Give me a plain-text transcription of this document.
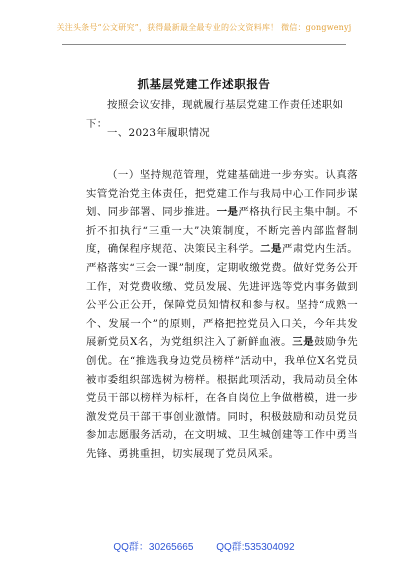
关注头条号“公文研究”，获得最新最全最专业的公文资料库！ 微信：gongwenyj
抓基层党建工作述职报告

按照会议安排，现就履行基层党建工作责任述职如下：

一、2023年履职情况

（一）坚持规范管理，党建基础进一步夯实。认真落实管党治党主体责任，把党建工作与我局中心工作同步谋划、同步部署、同步推进。一是严格执行民主集中制。不折不扣执行“三重一大”决策制度，不断完善内部监督制度，确保程序规范、决策民主科学。二是严肃党内生活。严格落实“三会一课”制度，定期收缴党费。做好党务公开工作，对党费收缴、党员发展、先进评选等党内事务做到公平公正公开，保障党员知情权和参与权。坚持“成熟一个、发展一个”的原则，严格把控党员入口关，今年共发展新党员X名，为党组织注入了新鲜血液。三是鼓励争先创优。在“推选我身边党员榜样”活动中，我单位X名党员被市委组织部选树为榜样。根据此项活动，我局动员全体党员干部以榜样为标杆，在各自岗位上争做楷模，进一步激发党员干部干事创业激情。同时，积极鼓励和动员党员参加志愿服务活动，在文明城、卫生城创建等工作中勇当先锋、勇挑重担，切实展现了党员风采。

QQ群：30265665 QQ群:535304092
